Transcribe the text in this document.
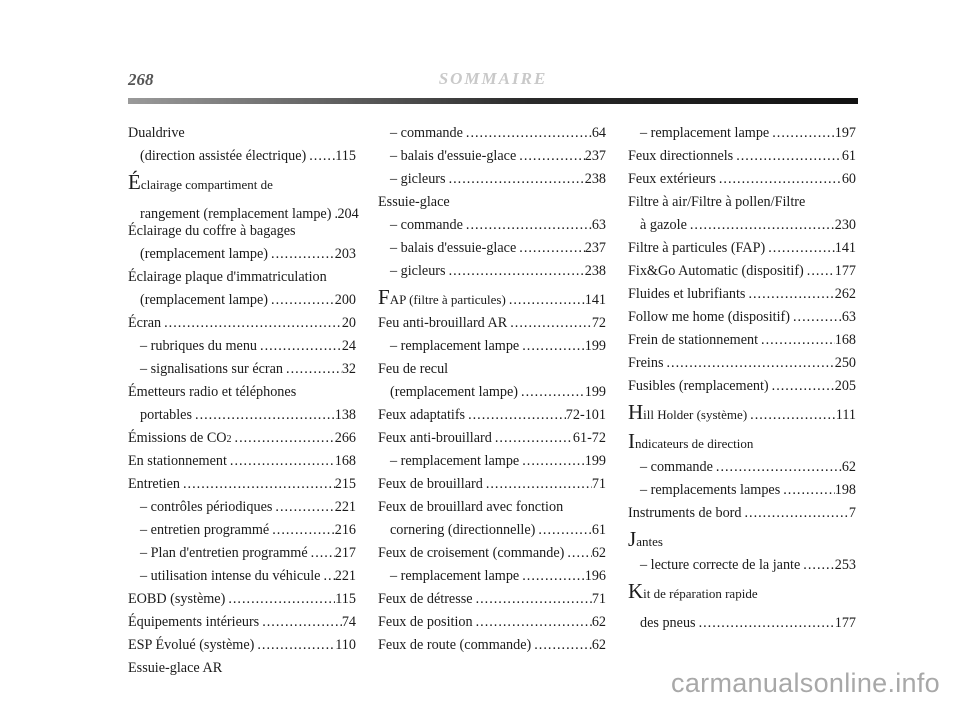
268	SOMMAIRE
Dualdrive
(direction assistée électrique) ..... 115
Éclairage compartiment de
rangement (remplacement lampe) ..... 204
Éclairage du coffre à bagages
(remplacement lampe) .....	203
Éclairage plaque d'immatriculation
(remplacement lampe) .....	200
Écran .....	20
– rubriques du menu .....	24
– signalisations sur écran .....	32
Émetteurs radio et téléphones
portables .....	138
Émissions de CO 2 .....	266
En stationnement .....	168
Entretien .....	215
– contrôles périodiques .....	221
– entretien programmé .....	216
– Plan d'entretien programmé ..... 217
– utilisation intense du véhicule ..... 221
EOBD (système) .....	115
Équipements intérieurs .....	74
ESP Évolué (système) .....	110
Essuie-glace AR
– commande .....	64
– balais d'essuie-glace .....	237
– gicleurs .....	238
Essuie-glace
– commande .....	63
– balais d'essuie-glace .....	237
– gicleurs .....	238
FAP (filtre à particules) .....	141
Feu anti-brouillard AR .....	72
– remplacement lampe .....	199
Feu de recul
(remplacement lampe) .....	199
Feux adaptatifs .....	72-101
Feux anti-brouillard .....	61-72
– remplacement lampe .....	199
Feux de brouillard .....	71
Feux de brouillard avec fonction
cornering (directionnelle) .....	61
Feux de croisement (commande) ..... 62
– remplacement lampe .....	196
Feux de détresse .....	71
Feux de position .....	62
Feux de route (commande) .....	62
– remplacement lampe .....	197
Feux directionnels .....	61
Feux extérieurs .....	60
Filtre à air/Filtre à pollen/Filtre
à gazole .....	230
Filtre à particules (FAP) .....	141
Fix&Go Automatic (dispositif) ..... 177
Fluides et lubrifiants .....	262
Follow me home (dispositif) .....	63
Frein de stationnement .....	168
Freins .....	250
Fusibles (remplacement) .....	205
Hill Holder (système) .....	111
Indicateurs de direction
– commande .....	62
– remplacements lampes .....	198
Instruments de bord .....	7
Jantes
– lecture correcte de la jante ..... 253
Kit de réparation rapide
des pneus .....	177
carmanualsonline.info
